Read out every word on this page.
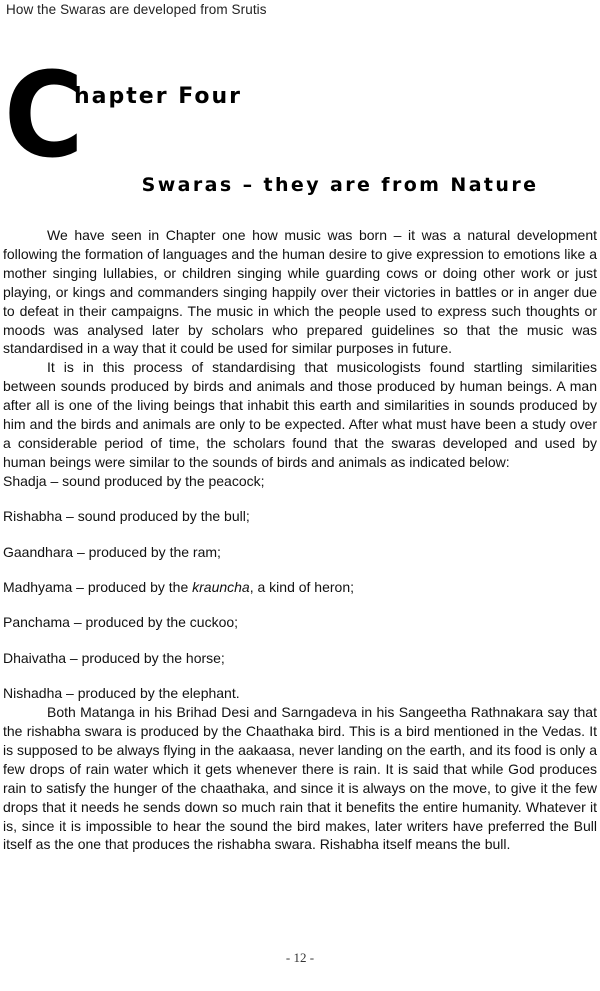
How the Swaras are developed from Srutis
C
hapter Four
Swaras – they are from Nature

We have seen in Chapter one how music was born – it was a natural development following the formation of languages and the human desire to give expression to emotions like a mother singing lullabies, or children singing while guarding cows or doing other work or just playing, or kings and commanders singing happily over their victories in battles or in anger due to defeat in their campaigns. The music in which the people used to express such thoughts or moods was analysed later by scholars who prepared guidelines so that the music was standardised in a way that it could be used for similar purposes in future.

It is in this process of standardising that musicologists found startling similarities between sounds produced by birds and animals and those produced by human beings. A man after all is one of the living beings that inhabit this earth and similarities in sounds produced by him and the birds and animals are only to be expected. After what must have been a study over a considerable period of time, the scholars found that the swaras developed and used by human beings were similar to the sounds of birds and animals as indicated below:

Shadja – sound produced by the peacock;
Rishabha – sound produced by the bull;
Gaandhara – produced by the ram;
Madhyama – produced by the krauncha, a kind of heron;
Panchama – produced by the cuckoo;
Dhaivatha – produced by the horse;
Nishadha – produced by the elephant.

Both Matanga in his Brihad Desi and Sarngadeva in his Sangeetha Rathnakara say that the rishabha swara is produced by the Chaathaka bird. This is a bird mentioned in the Vedas. It is supposed to be always flying in the aakaasa, never landing on the earth, and its food is only a few drops of rain water which it gets whenever there is rain. It is said that while God produces rain to satisfy the hunger of the chaathaka, and since it is always on the move, to give it the few drops that it needs he sends down so much rain that it benefits the entire humanity. Whatever it is, since it is impossible to hear the sound the bird makes, later writers have preferred the Bull itself as the one that produces the rishabha swara. Rishabha itself means the bull.

- 12 -
